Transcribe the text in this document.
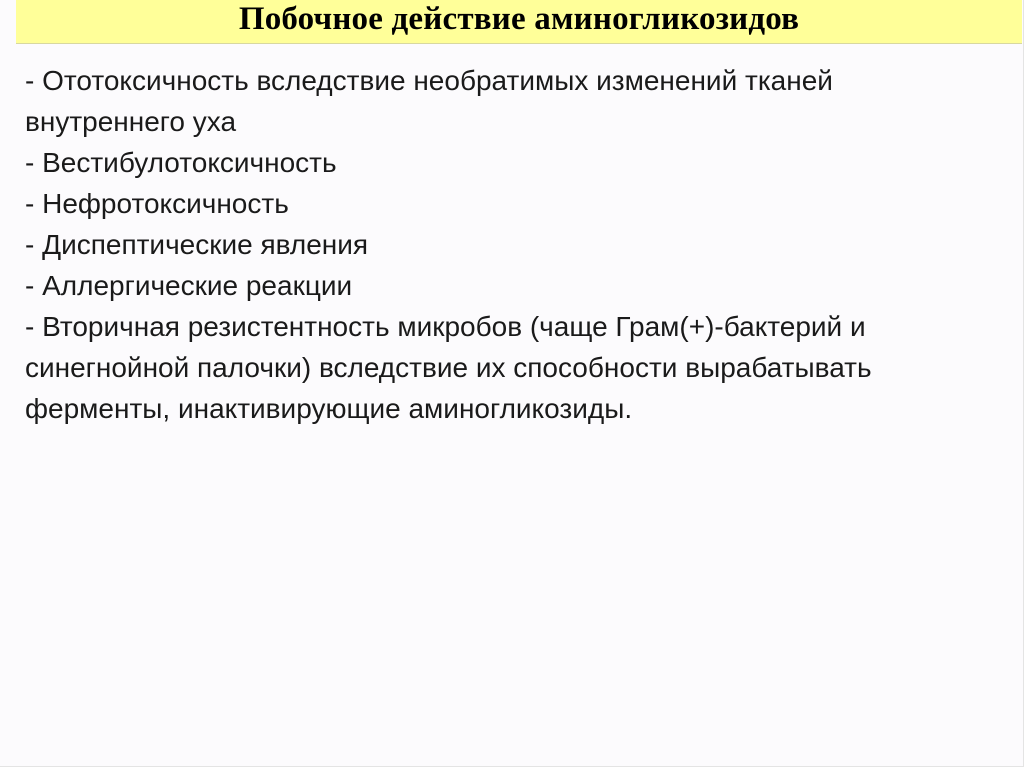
Побочное действие аминогликозидов
- Ототоксичность вследствие необратимых изменений тканей внутреннего уха
- Вестибулотоксичность
- Нефротоксичность
- Диспептические явления
- Аллергические реакции
- Вторичная резистентность микробов (чаще Грам(+)-бактерий и синегнойной палочки) вследствие их способности вырабатывать ферменты, инактивирующие аминогликозиды.
